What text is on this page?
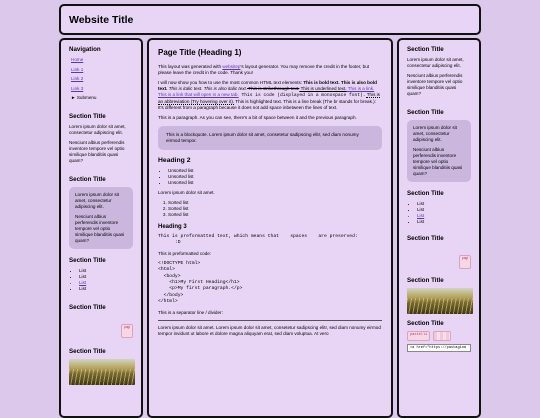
Website Title
Navigation
Home
Link 1
Link 2
Link 3
► Submenu
Section Title

Lorem ipsum dolor sit amet, consectetur adipiscing elit.

Nesciunt albius perferendis inventore tempore vel optio similique blanditiis quasi quam?

Section Title

Lorem ipsum dolor sit amet, consectetur adipiscing elit.

Nesciunt albius perferendis inventore tempore vel optio similique blanditiis quasi quam?

Section Title
• List
• List
• List
• List
Section Title
pagi
Section Title
Page Title (Heading 1)

This layout was generated with websitep's layout generator. You may remove the credit in the footer, but please leave the credit in the code. Thank you!

I will now show you how to use the most common HTML text elements: This is bold text. This is also bold text. This is italic text. This is also italic text. This is strikethrough text. This is underlined text. This is a link. This is a link that will open in a new tab. This is code (displayed in a monospace font). This is an abbreviation (Try hovering over it). This is highlighted text. This is a line break (The br stands for break.): It's different from a paragraph because it does not add space inbetween the lines of text.

This is a paragraph. As you can see, there's a bit of space between it and the previous paragraph.

This is a blockquote. Lorem ipsum dolor sit amet, consetetur sadipscing elitr, sed diam nonumy eirmod tempor.

Heading 2
• Unsorted list
• Unsorted list
• Unsorted list

Lorem ipsum dolor sit amet.

1. Sorted list
2. Sorted list
3. Sorted list
Heading 3
This is preformatted text, which means that    spaces    are preserved:
:D

This is preformatted code:

<!DOCTYPE html>
<html>
<body>
<h1>My First Heading</h1>
<p>My first paragraph.</p>
</body>
</html>

This is a separator line / divider:

Lorem ipsum dolor sit amet. Lorem ipsum dolor sit amet, consetetur sadipscing elitr, sed diam nonumy eirmod tempor invidunt ut labore et dolore magna aliquyam erat, sed diam voluptua. At vero

Section Title

Lorem ipsum dolor sit amet, consectetur adipiscing elit.

Nesciunt albius perferendis inventore tempore vel optio similique blanditiis quasi quam?

Section Title

Lorem ipsum dolor sit amet, consectetur adipiscing elit.

Nesciunt albius perferendis inventore tempore vel optio similique blanditiis quasi quam?

Section Title
• List
• List
• List
• List
Section Title
pagi
Section Title
Section Title
pastelli
<a href="https://pastagina
